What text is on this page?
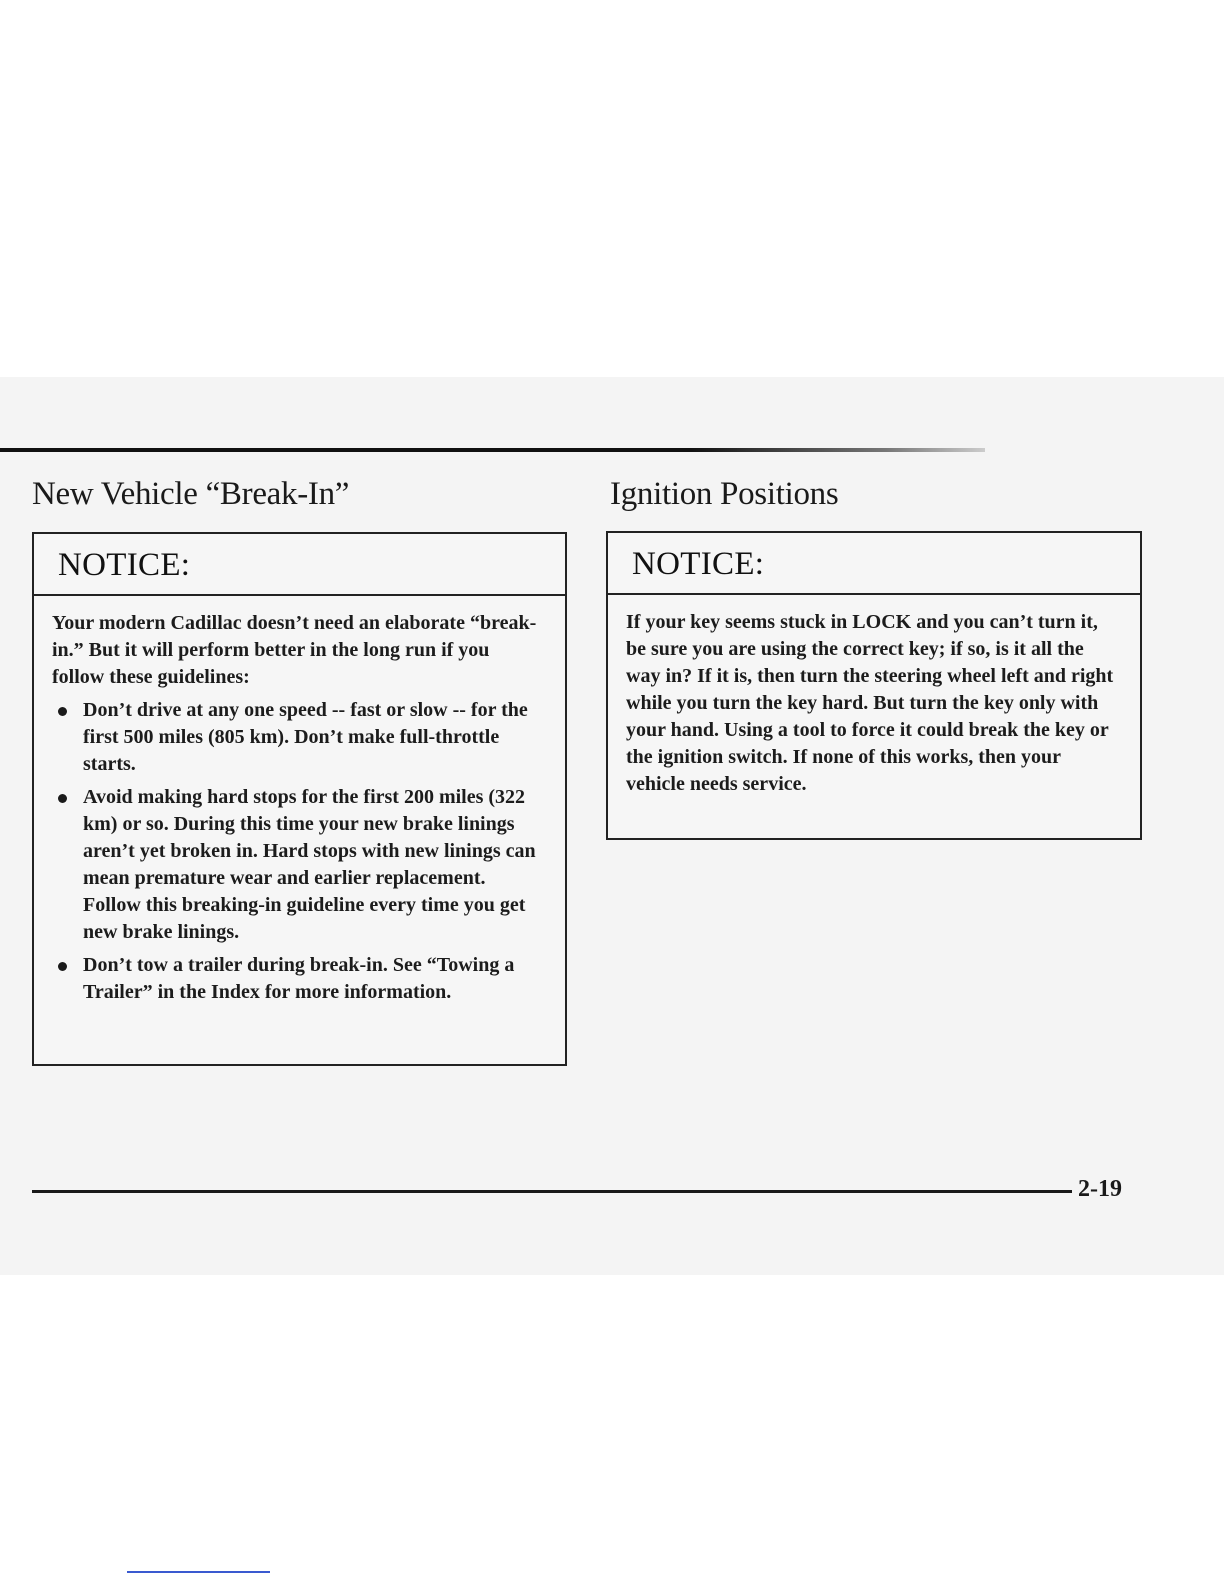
New Vehicle “Break-In”	Ignition Positions
NOTICE:

Your modern Cadillac doesn’t need an elaborate “break-in.” But it will perform better in the long run if you follow these guidelines:

Don’t drive at any one speed -- fast or slow -- for the first 500 miles (805 km). Don’t make full-throttle starts.
Avoid making hard stops for the first 200 miles (322 km) or so. During this time your new brake linings aren’t yet broken in. Hard stops with new linings can mean premature wear and earlier replacement. Follow this breaking-in guideline every time you get new brake linings.
Don’t tow a trailer during break-in. See “Towing a Trailer” in the Index for more information.
NOTICE:

If your key seems stuck in LOCK and you can’t turn it, be sure you are using the correct key; if so, is it all the way in? If it is, then turn the steering wheel left and right while you turn the key hard. But turn the key only with your hand. Using a tool to force it could break the key or the ignition switch. If none of this works, then your vehicle needs service.

2-19
